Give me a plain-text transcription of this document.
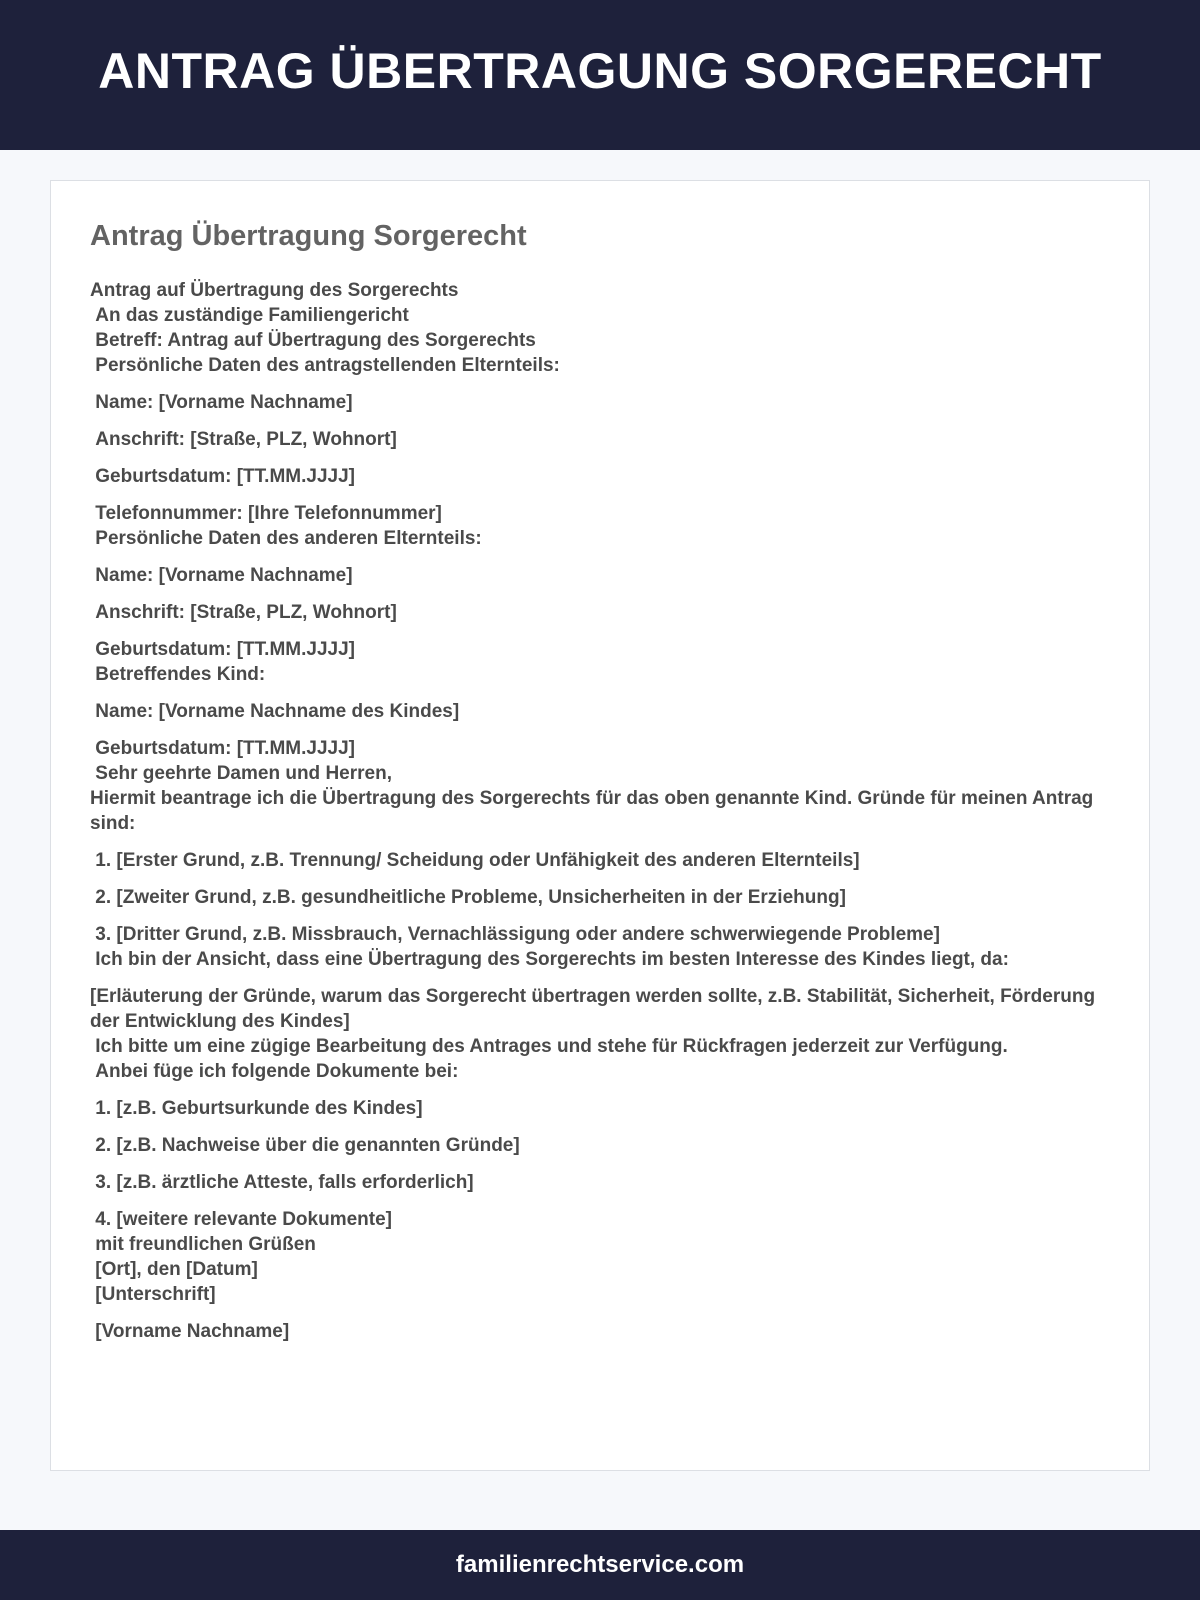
ANTRAG ÜBERTRAGUNG SORGERECHT
Antrag Übertragung Sorgerecht
Antrag auf Übertragung des Sorgerechts
An das zuständige Familiengericht
Betreff: Antrag auf Übertragung des Sorgerechts
Persönliche Daten des antragstellenden Elternteils:
Name: [Vorname Nachname]
Anschrift: [Straße, PLZ, Wohnort]
Geburtsdatum: [TT.MM.JJJJ]
Telefonnummer: [Ihre Telefonnummer]
Persönliche Daten des anderen Elternteils:
Name: [Vorname Nachname]
Anschrift: [Straße, PLZ, Wohnort]
Geburtsdatum: [TT.MM.JJJJ]
Betreffendes Kind:
Name: [Vorname Nachname des Kindes]
Geburtsdatum: [TT.MM.JJJJ]
Sehr geehrte Damen und Herren,
Hiermit beantrage ich die Übertragung des Sorgerechts für das oben genannte Kind. Gründe für meinen Antrag sind:
1. [Erster Grund, z.B. Trennung/ Scheidung oder Unfähigkeit des anderen Elternteils]
2. [Zweiter Grund, z.B. gesundheitliche Probleme, Unsicherheiten in der Erziehung]
3. [Dritter Grund, z.B. Missbrauch, Vernachlässigung oder andere schwerwiegende Probleme]
Ich bin der Ansicht, dass eine Übertragung des Sorgerechts im besten Interesse des Kindes liegt, da:
[Erläuterung der Gründe, warum das Sorgerecht übertragen werden sollte, z.B. Stabilität, Sicherheit, Förderung der Entwicklung des Kindes]
Ich bitte um eine zügige Bearbeitung des Antrages und stehe für Rückfragen jederzeit zur Verfügung.
Anbei füge ich folgende Dokumente bei:
1. [z.B. Geburtsurkunde des Kindes]
2. [z.B. Nachweise über die genannten Gründe]
3. [z.B. ärztliche Atteste, falls erforderlich]
4. [weitere relevante Dokumente]
mit freundlichen Grüßen
[Ort], den [Datum]
[Unterschrift]
[Vorname Nachname]
familienrechtservice.com
